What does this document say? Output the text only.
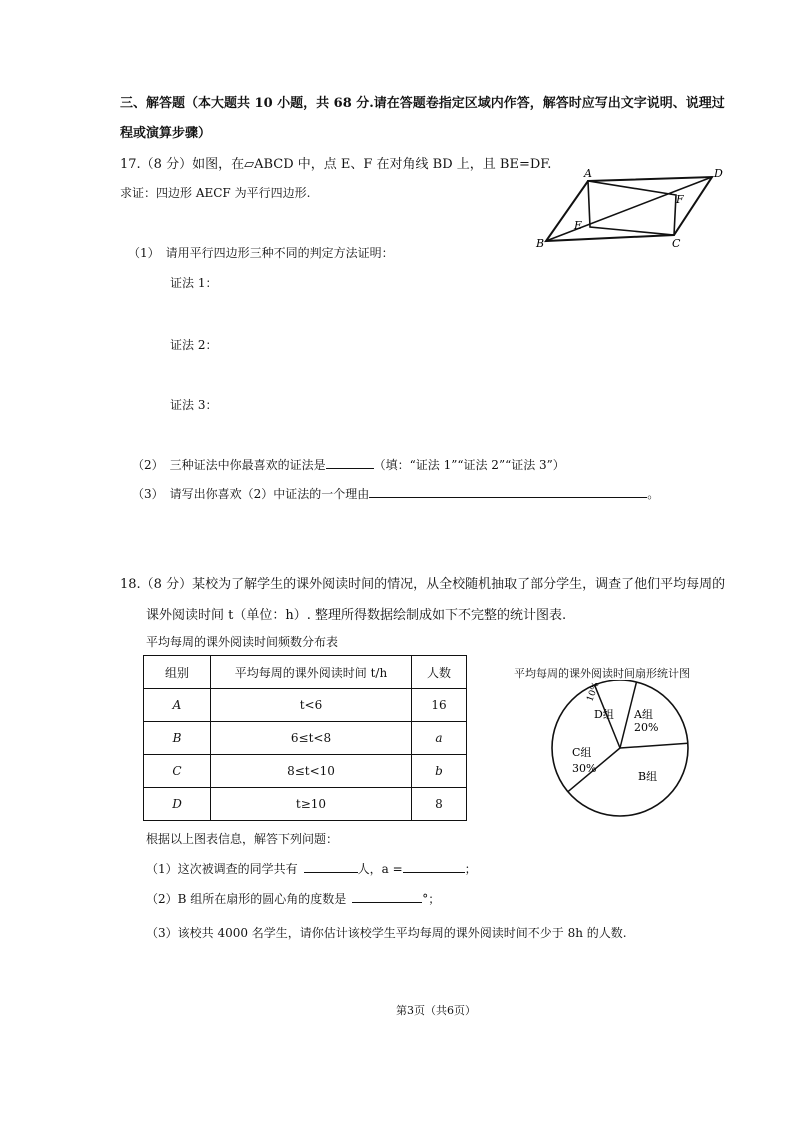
三、解答题（本大题共 10 小题，共 68 分.请在答题卷指定区域内作答，解答时应写出文字说明、说理过
程或演算步骤）
17.（8 分）如图，在▱ABCD 中，点 E、F 在对角线 BD 上，且 BE=DF.
求证：四边形 AECF 为平行四边形.
A	D
B	C
E
F
（1）　请用平行四边形三种不同的判定方法证明：
证法 1：
证法 2：
证法 3：
（2）　三种证法中你最喜欢的证法是	（填：“证法 1”“证法 2”“证法 3”）
（3）　请写出你喜欢（2）中证法的一个理由	。
18.（8 分）某校为了解学生的课外阅读时间的情况，从全校随机抽取了部分学生，调查了他们平均每周的
课外阅读时间 t（单位：h）. 整理所得数据绘制成如下不完整的统计图表.
平均每周的课外阅读时间频数分布表
组别	平均每周的课外阅读时间 t/h	人数
A	t<6	16
B	6≤t<8	a
C	8≤t<10	b
D	t≥10	8
平均每周的课外阅读时间扇形统计图
A组
20%
B组
C组
30%
D组
10%
根据以上图表信息，解答下列问题：
（1）这次被调查的同学共有	人，a =	；
（2）B 组所在扇形的圆心角的度数是	°；
（3）该校共 4000 名学生，请你估计该校学生平均每周的课外阅读时间不少于 8h 的人数.
第3页（共6页）
